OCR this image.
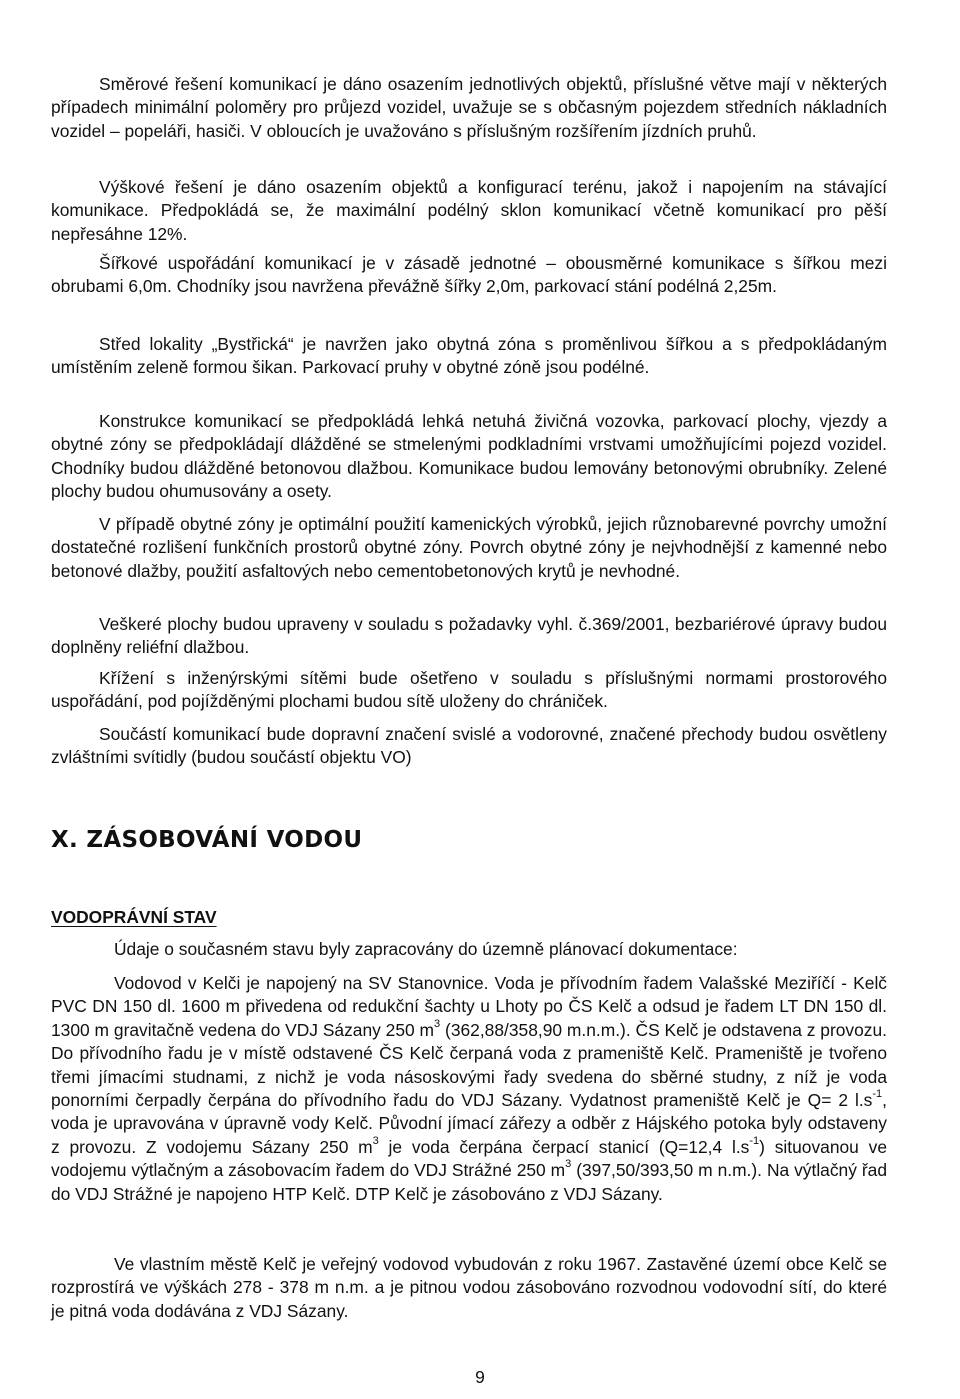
Směrové řešení komunikací je dáno osazením jednotlivých objektů, příslušné větve mají v některých případech minimální poloměry pro průjezd vozidel, uvažuje se s občasným pojezdem středních nákladních vozidel – popeláři, hasiči. V obloucích je uvažováno s příslušným rozšířením jízdních pruhů.

Výškové řešení je dáno osazením objektů a konfigurací terénu, jakož i napojením na stávající komunikace. Předpokládá se, že maximální podélný sklon komunikací včetně komunikací pro pěší nepřesáhne 12%.

Šířkové uspořádání komunikací je v zásadě jednotné – obousměrné komunikace s šířkou mezi obrubami 6,0m. Chodníky jsou navržena převážně šířky 2,0m, parkovací stání podélná 2,25m.

Střed lokality „Bystřická“ je navržen jako obytná zóna s proměnlivou šířkou a s předpokládaným umístěním zeleně formou šikan. Parkovací pruhy v obytné zóně jsou podélné.

Konstrukce komunikací se předpokládá lehká netuhá živičná vozovka, parkovací plochy, vjezdy a obytné zóny se předpokládají dlážděné se stmelenými podkladními vrstvami umožňujícími pojezd vozidel. Chodníky budou dlážděné betonovou dlažbou. Komunikace budou lemovány betonovými obrubníky. Zelené plochy budou ohumusovány a osety.

V případě obytné zóny je optimální použití kamenických výrobků, jejich různobarevné povrchy umožní dostatečné rozlišení funkčních prostorů obytné zóny. Povrch obytné zóny je nejvhodnější z kamenné nebo betonové dlažby, použití asfaltových nebo cementobetonových krytů je nevhodné.

Veškeré plochy budou upraveny v souladu s požadavky vyhl. č.369/2001, bezbariérové úpravy budou doplněny reliéfní dlažbou.

Křížení s inženýrskými sítěmi bude ošetřeno v souladu s příslušnými normami prostorového uspořádání, pod pojížděnými plochami budou sítě uloženy do chrániček.

Součástí komunikací bude dopravní značení svislé a vodorovné, značené přechody budou osvětleny zvláštními svítidly (budou součástí objektu VO)

X. ZÁSOBOVÁNÍ VODOU
VODOPRÁVNÍ STAV

Údaje o současném stavu byly zapracovány do územně plánovací dokumentace:

Vodovod v Kelči je napojený na SV Stanovnice. Voda je přívodním řadem Valašské Meziříčí - Kelč PVC DN 150 dl. 1600 m přivedena od redukční šachty u Lhoty po ČS Kelč a odsud je řadem LT DN 150 dl. 1300 m gravitačně vedena do VDJ Sázany 250 $m^3$ (362,88/358,90 m.n.m.). ČS Kelč je odstavena z provozu. Do přívodního řadu je v místě odstavené ČS Kelč čerpaná voda z prameniště Kelč. Prameniště je tvořeno třemi jímacími studnami, z nichž je voda násoskovými řady svedena do sběrné studny, z níž je voda ponorními čerpadly čerpána do přívodního řadu do VDJ Sázany. Vydatnost prameniště Kelč je Q= 2 $l.s^{-1}$, voda je upravována v úpravně vody Kelč. Původní jímací zářezy a odběr z Hájského potoka byly odstaveny z provozu. Z vodojemu Sázany 250 $m^3$ je voda čerpána čerpací stanicí (Q=12,4 $l.s^{-1}$) situovanou ve vodojemu výtlačným a zásobovacím řadem do VDJ Strážné 250 $m^3$ (397,50/393,50 m n.m.). Na výtlačný řad do VDJ Strážné je napojeno HTP Kelč. DTP Kelč je zásobováno z VDJ Sázany.

Ve vlastním městě Kelč je veřejný vodovod vybudován z roku 1967. Zastavěné území obce Kelč se rozprostírá ve výškách 278 - 378 m n.m. a je pitnou vodou zásobováno rozvodnou vodovodní sítí, do které je pitná voda dodávána z VDJ Sázany.

9
